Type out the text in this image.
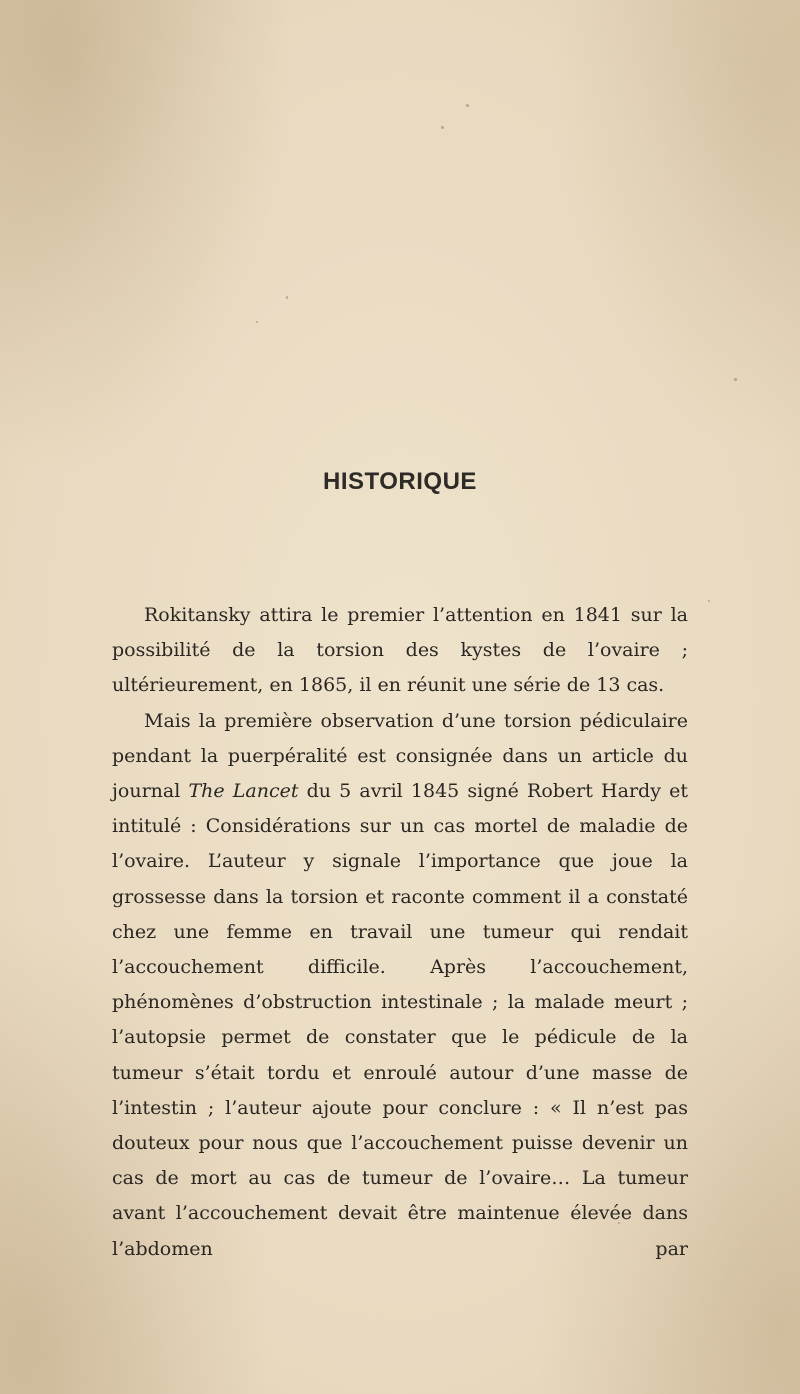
HISTORIQUE

Rokitansky attira le premier l’attention en 1841 sur la possibilité de la torsion des kystes de l’ovaire ; ultérieurement, en 1865, il en réunit une série de 13 cas.

Mais la première observation d’une torsion pédiculaire pendant la puerpéralité est consignée dans un article du journal The Lancet du 5 avril 1845 signé Robert Hardy et intitulé : Considérations sur un cas mortel de maladie de l’ovaire. L’auteur y signale l’importance que joue la grossesse dans la torsion et raconte comment il a constaté chez une femme en travail une tumeur qui rendait l’accouchement difficile. Après l’accouchement, phénomènes d’obstruction intestinale ; la malade meurt ; l’autopsie permet de constater que le pédicule de la tumeur s’était tordu et enroulé autour d’une masse de l’intestin ; l’auteur ajoute pour conclure : « Il n’est pas douteux pour nous que l’accouchement puisse devenir un cas de mort au cas de tumeur de l’ovaire… La tumeur avant l’accouchement devait être maintenue élevée dans l’abdomen par
